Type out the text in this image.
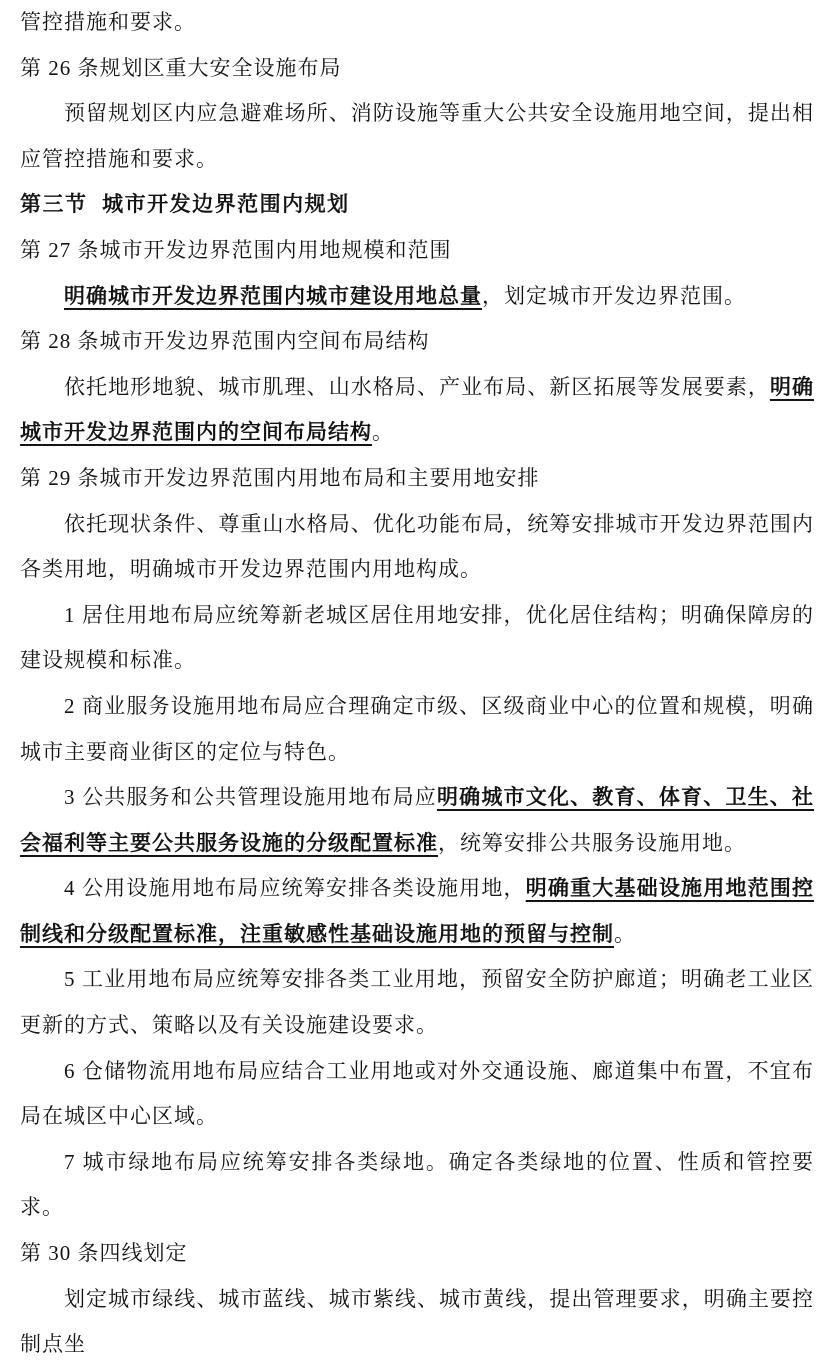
管控措施和要求。

第 26 条规划区重大安全设施布局

预留规划区内应急避难场所、消防设施等重大公共安全设施用地空间，提出相应管控措施和要求。

第三节  城市开发边界范围内规划

第 27 条城市开发边界范围内用地规模和范围

明确城市开发边界范围内城市建设用地总量，划定城市开发边界范围。

第 28 条城市开发边界范围内空间布局结构

依托地形地貌、城市肌理、山水格局、产业布局、新区拓展等发展要素，明确城市开发边界范围内的空间布局结构。

第 29 条城市开发边界范围内用地布局和主要用地安排

依托现状条件、尊重山水格局、优化功能布局，统筹安排城市开发边界范围内各类用地，明确城市开发边界范围内用地构成。

1 居住用地布局应统筹新老城区居住用地安排，优化居住结构；明确保障房的建设规模和标准。

2 商业服务设施用地布局应合理确定市级、区级商业中心的位置和规模，明确城市主要商业街区的定位与特色。

3 公共服务和公共管理设施用地布局应明确城市文化、教育、体育、卫生、社会福利等主要公共服务设施的分级配置标准，统筹安排公共服务设施用地。

4 公用设施用地布局应统筹安排各类设施用地，明确重大基础设施用地范围控制线和分级配置标准，注重敏感性基础设施用地的预留与控制。

5 工业用地布局应统筹安排各类工业用地，预留安全防护廊道；明确老工业区更新的方式、策略以及有关设施建设要求。

6 仓储物流用地布局应结合工业用地或对外交通设施、廊道集中布置，不宜布局在城区中心区域。

7 城市绿地布局应统筹安排各类绿地。确定各类绿地的位置、性质和管控要求。

第 30 条四线划定

划定城市绿线、城市蓝线、城市紫线、城市黄线，提出管理要求，明确主要控制点坐
